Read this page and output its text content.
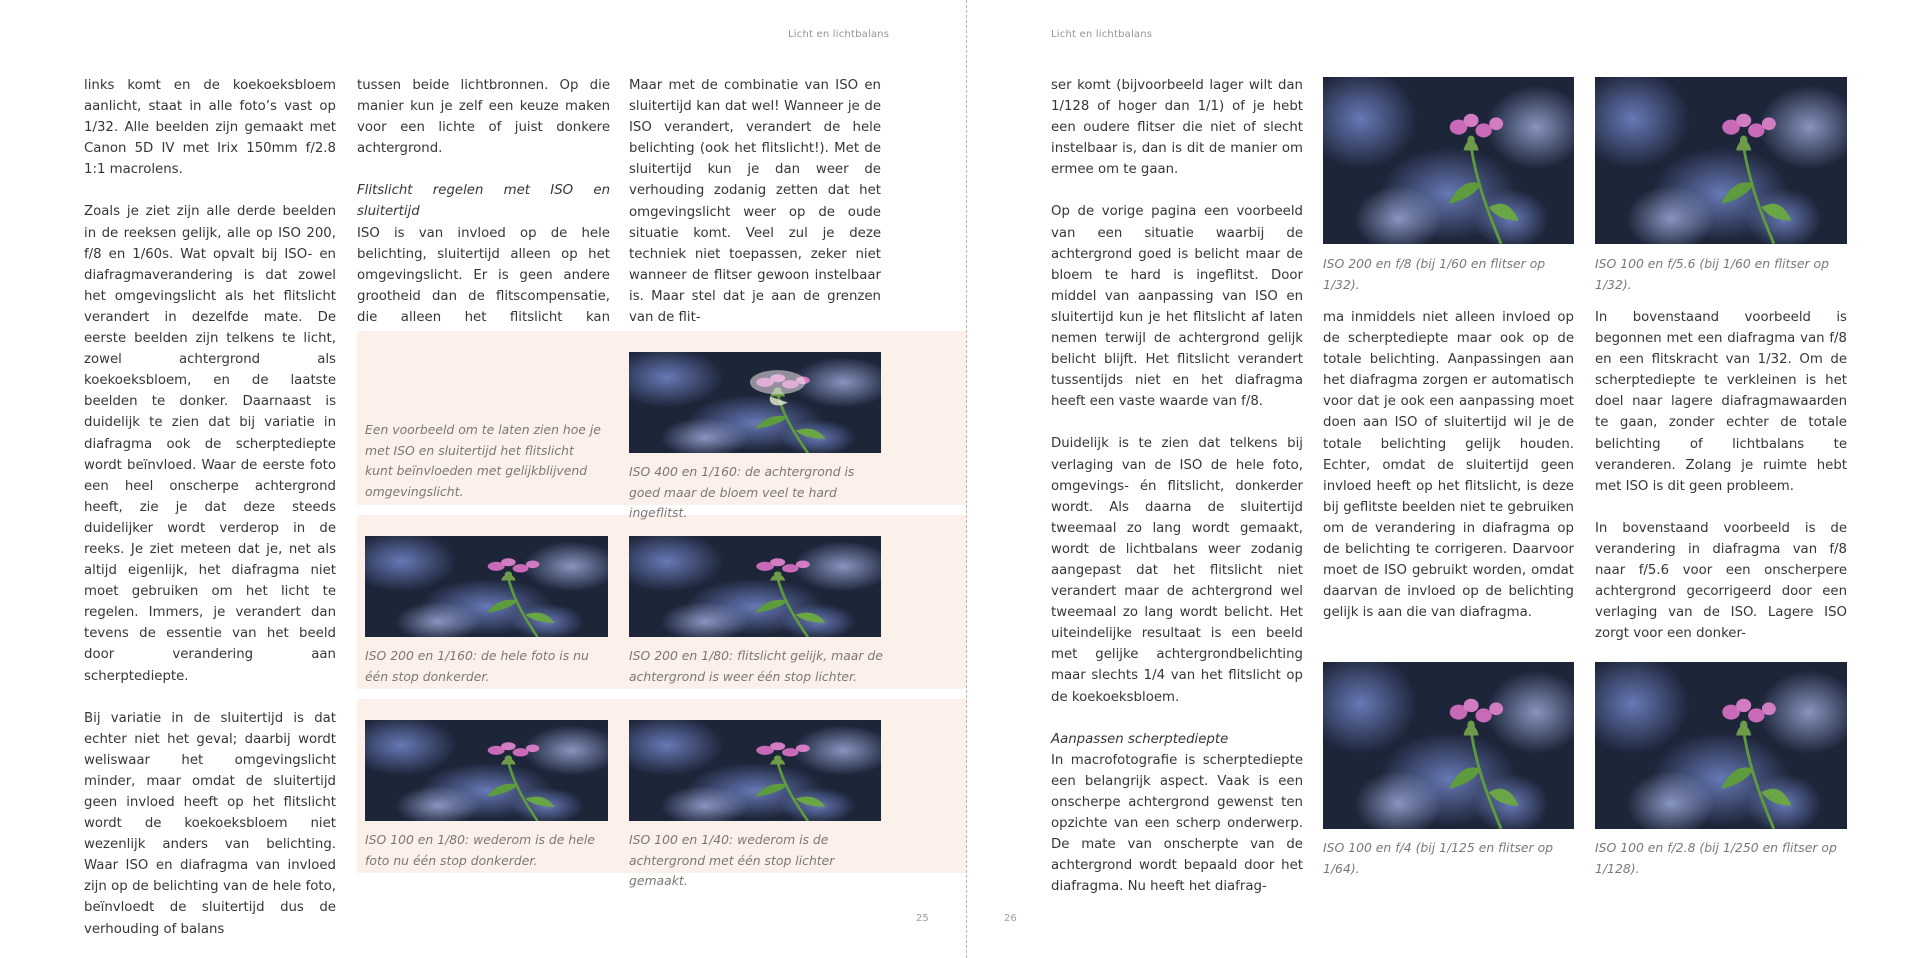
Licht en lichtbalans

links komt en de koekoeksbloem aanlicht, staat in alle foto’s vast op 1/32. Alle beelden zijn gemaakt met Canon 5D IV met Irix 150mm f/2.8 1:1 macrolens.

Zoals je ziet zijn alle derde beelden in de reeksen gelijk, alle op ISO 200, f/8 en 1/60s. Wat opvalt bij ISO- en diafragmaverandering is dat zowel het omgevingslicht als het flitslicht verandert in dezelfde mate. De eerste beelden zijn telkens te licht, zowel achtergrond als koekoeksbloem, en de laatste beelden te donker. Daarnaast is duidelijk te zien dat bij variatie in diafragma ook de scherptediepte wordt beïnvloed. Waar de eerste foto een heel onscherpe achtergrond heeft, zie je dat deze steeds duidelijker wordt verderop in de reeks. Je ziet meteen dat je, net als altijd eigenlijk, het diafragma niet moet gebruiken om het licht te regelen. Immers, je verandert dan tevens de essentie van het beeld door verandering aan scherptediepte.

Bij variatie in de sluitertijd is dat echter niet het geval; daarbij wordt weliswaar het omgevingslicht minder, maar omdat de sluitertijd geen invloed heeft op het flitslicht wordt de koekoeksbloem niet wezenlijk anders van belichting. Waar ISO en diafragma van invloed zijn op de belichting van de hele foto, beïnvloedt de sluitertijd dus de verhouding of balans

tussen beide lichtbronnen. Op die manier kun je zelf een keuze maken voor een lichte of juist donkere achtergrond.

Flitslicht regelen met ISO en sluitertijd

ISO is van invloed op de hele belichting, sluitertijd alleen op het omgevingslicht. Er is geen andere grootheid dan de flitscompensatie, die alleen het flitslicht kan

Maar met de combinatie van ISO en sluitertijd kan dat wel! Wanneer je de ISO verandert, verandert de hele belichting (ook het flitslicht!). Met de sluitertijd kun je dan weer de verhouding zodanig zetten dat het omgevingslicht weer op de oude situatie komt. Veel zul je deze techniek niet toepassen, zeker niet wanneer de flitser gewoon instelbaar is. Maar stel dat je aan de grenzen van de flit-

Een voorbeeld om te laten zien hoe je met ISO en sluitertijd het flitslicht kunt beïnvloeden met gelijkblijvend omgevingslicht.
ISO 400 en 1/160: de achtergrond is goed maar de bloem veel te hard ingeflitst.
ISO 200 en 1/160: de hele foto is nu één stop donkerder.
ISO 200 en 1/80: flitslicht gelijk, maar de achtergrond is weer één stop lichter.
ISO 100 en 1/80: wederom is de hele foto nu één stop donkerder.
ISO 100 en 1/40: wederom is de achtergrond met één stop lichter gemaakt.
25
Licht en lichtbalans

ser komt (bijvoorbeeld lager wilt dan 1/128 of hoger dan 1/1) of je hebt een oudere flitser die niet of slecht instelbaar is, dan is dit de manier om ermee om te gaan.

Op de vorige pagina een voorbeeld van een situatie waarbij de achtergrond goed is belicht maar de bloem te hard is ingeflitst. Door middel van aanpassing van ISO en sluitertijd kun je het flitslicht af laten nemen terwijl de achtergrond gelijk belicht blijft. Het flitslicht verandert tussentijds niet en het diafragma heeft een vaste waarde van f/8.

Duidelijk is te zien dat telkens bij verlaging van de ISO de hele foto, omgevings- én flitslicht, donkerder wordt. Als daarna de sluitertijd tweemaal zo lang wordt gemaakt, wordt de lichtbalans weer zodanig aangepast dat het flitslicht niet verandert maar de achtergrond wel tweemaal zo lang wordt belicht. Het uiteindelijke resultaat is een beeld met gelijke achtergrondbelichting maar slechts 1/4 van het flitslicht op de koekoeksbloem.

Aanpassen scherptediepte

In macrofotografie is scherptediepte een belangrijk aspect. Vaak is een onscherpe achtergrond gewenst ten opzichte van een scherp onderwerp. De mate van onscherpte van de achtergrond wordt bepaald door het diafragma. Nu heeft het diafrag-

ISO 200 en f/8 (bij 1/60 en flitser op 1/32).
ISO 100 en f/5.6 (bij 1/60 en flitser op 1/32).

ma inmiddels niet alleen invloed op de scherptediepte maar ook op de totale belichting. Aanpassingen aan het diafragma zorgen er automatisch voor dat je ook een aanpassing moet doen aan ISO of sluitertijd wil je de totale belichting gelijk houden. Echter, omdat de sluitertijd geen invloed heeft op het flitslicht, is deze bij geflitste beelden niet te gebruiken om de verandering in diafragma op de belichting te corrigeren. Daarvoor moet de ISO gebruikt worden, omdat daarvan de invloed op de belichting gelijk is aan die van diafragma.

In bovenstaand voorbeeld is begonnen met een diafragma van f/8 en een flitskracht van 1/32. Om de scherptediepte te verkleinen is het doel naar lagere diafragmawaarden te gaan, zonder echter de totale belichting of lichtbalans te veranderen. Zolang je ruimte hebt met ISO is dit geen probleem.

In bovenstaand voorbeeld is de verandering in diafragma van f/8 naar f/5.6 voor een onscherpere achtergrond gecorrigeerd door een verlaging van de ISO. Lagere ISO zorgt voor een donker-

ISO 100 en f/4 (bij 1/125 en flitser op 1/64).
ISO 100 en f/2.8 (bij 1/250 en flitser op 1/128).
26
